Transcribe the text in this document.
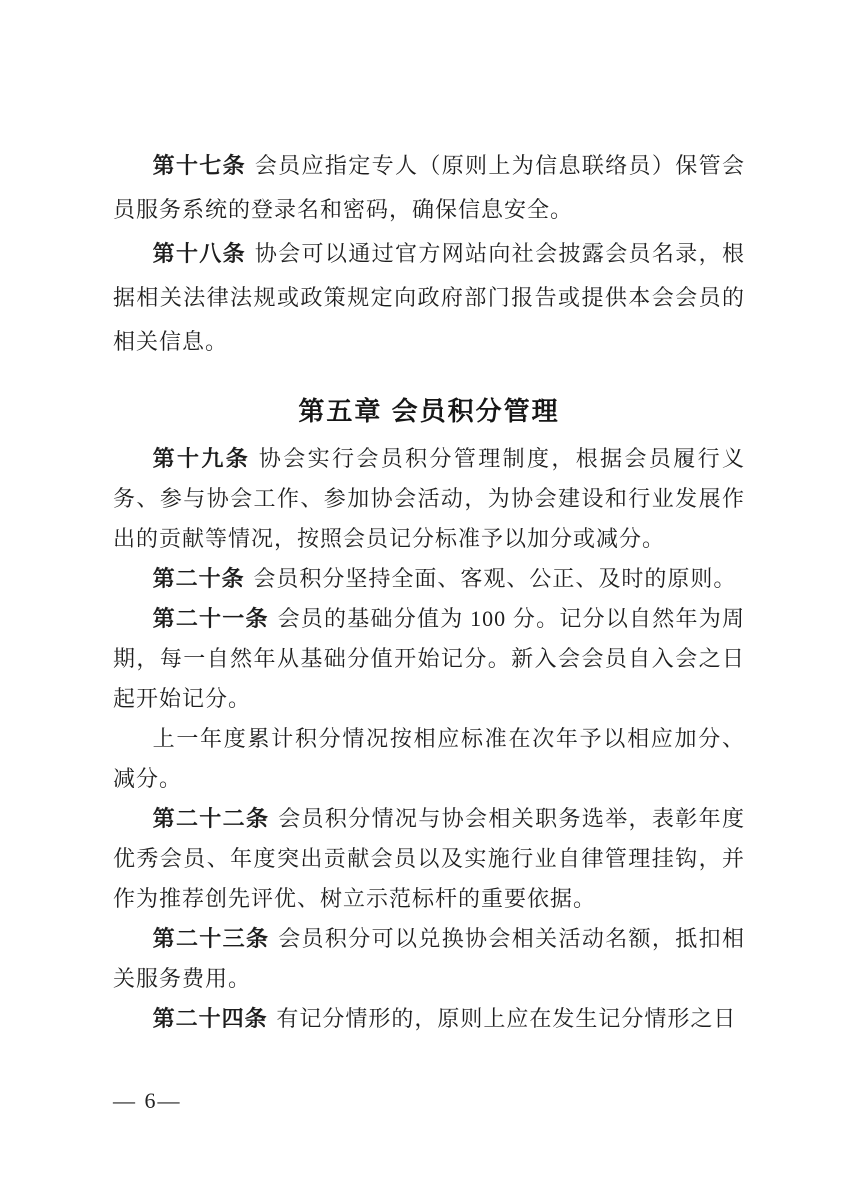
第十七条 会员应指定专人（原则上为信息联络员）保管会员服务系统的登录名和密码，确保信息安全。

第十八条 协会可以通过官方网站向社会披露会员名录，根据相关法律法规或政策规定向政府部门报告或提供本会会员的相关信息。

第五章 会员积分管理

第十九条 协会实行会员积分管理制度，根据会员履行义务、参与协会工作、参加协会活动，为协会建设和行业发展作出的贡献等情况，按照会员记分标准予以加分或减分。

第二十条 会员积分坚持全面、客观、公正、及时的原则。

第二十一条 会员的基础分值为 100 分。记分以自然年为周期，每一自然年从基础分值开始记分。新入会会员自入会之日起开始记分。

上一年度累计积分情况按相应标准在次年予以相应加分、减分。

第二十二条 会员积分情况与协会相关职务选举，表彰年度优秀会员、年度突出贡献会员以及实施行业自律管理挂钩，并作为推荐创先评优、树立示范标杆的重要依据。

第二十三条 会员积分可以兑换协会相关活动名额，抵扣相关服务费用。

第二十四条 有记分情形的，原则上应在发生记分情形之日

— 6—
